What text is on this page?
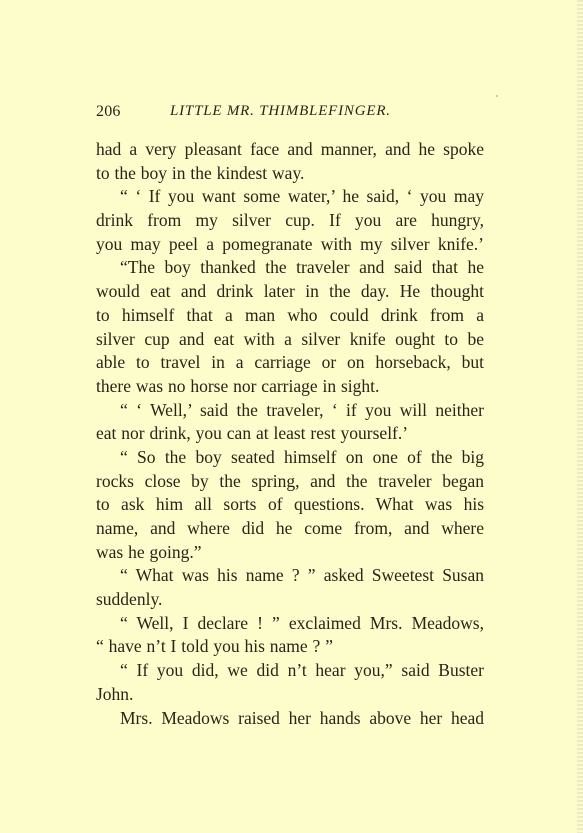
206	LITTLE MR. THIMBLEFINGER.
had a very pleasant face and manner, and he spoke
to the boy in the kindest way.
“ ‘ If you want some water,’ he said, ‘ you may
drink from my silver cup. If you are hungry,
you may peel a pomegranate with my silver knife.’
“The boy thanked the traveler and said that he
would eat and drink later in the day. He thought
to himself that a man who could drink from a
silver cup and eat with a silver knife ought to be
able to travel in a carriage or on horseback, but
there was no horse nor carriage in sight.
“ ‘ Well,’ said the traveler, ‘ if you will neither
eat nor drink, you can at least rest yourself.’
“ So the boy seated himself on one of the big
rocks close by the spring, and the traveler began
to ask him all sorts of questions. What was his
name, and where did he come from, and where
was he going.”
“ What was his name ? ” asked Sweetest Susan
suddenly.
“ Well, I declare ! ” exclaimed Mrs. Meadows,
“ have n’t I told you his name ? ”
“ If you did, we did n’t hear you,” said Buster
John.
Mrs. Meadows raised her hands above her head
